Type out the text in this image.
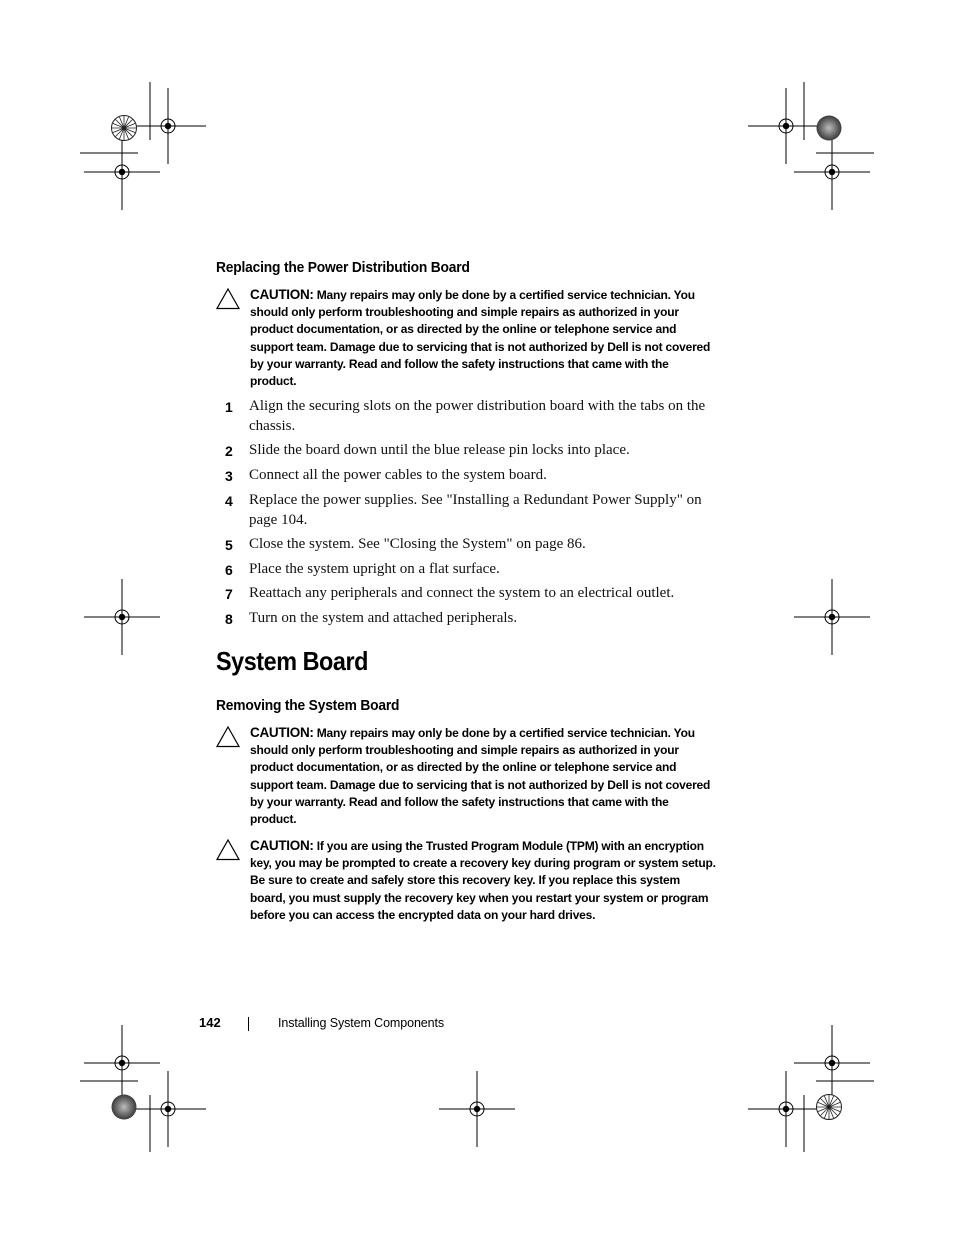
Replacing the Power Distribution Board
CAUTION: Many repairs may only be done by a certified service technician. You should only perform troubleshooting and simple repairs as authorized in your product documentation, or as directed by the online or telephone service and support team. Damage due to servicing that is not authorized by Dell is not covered by your warranty. Read and follow the safety instructions that came with the product.
1 Align the securing slots on the power distribution board with the tabs on the chassis.
2 Slide the board down until the blue release pin locks into place.
3 Connect all the power cables to the system board.
4 Replace the power supplies. See "Installing a Redundant Power Supply" on page 104.
5 Close the system. See "Closing the System" on page 86.
6 Place the system upright on a flat surface.
7 Reattach any peripherals and connect the system to an electrical outlet.
8 Turn on the system and attached peripherals.
System Board
Removing the System Board
CAUTION: Many repairs may only be done by a certified service technician. You should only perform troubleshooting and simple repairs as authorized in your product documentation, or as directed by the online or telephone service and support team. Damage due to servicing that is not authorized by Dell is not covered by your warranty. Read and follow the safety instructions that came with the product.
CAUTION: If you are using the Trusted Program Module (TPM) with an encryption key, you may be prompted to create a recovery key during program or system setup. Be sure to create and safely store this recovery key. If you replace this system board, you must supply the recovery key when you restart your system or program before you can access the encrypted data on your hard drives.
142	Installing System Components
